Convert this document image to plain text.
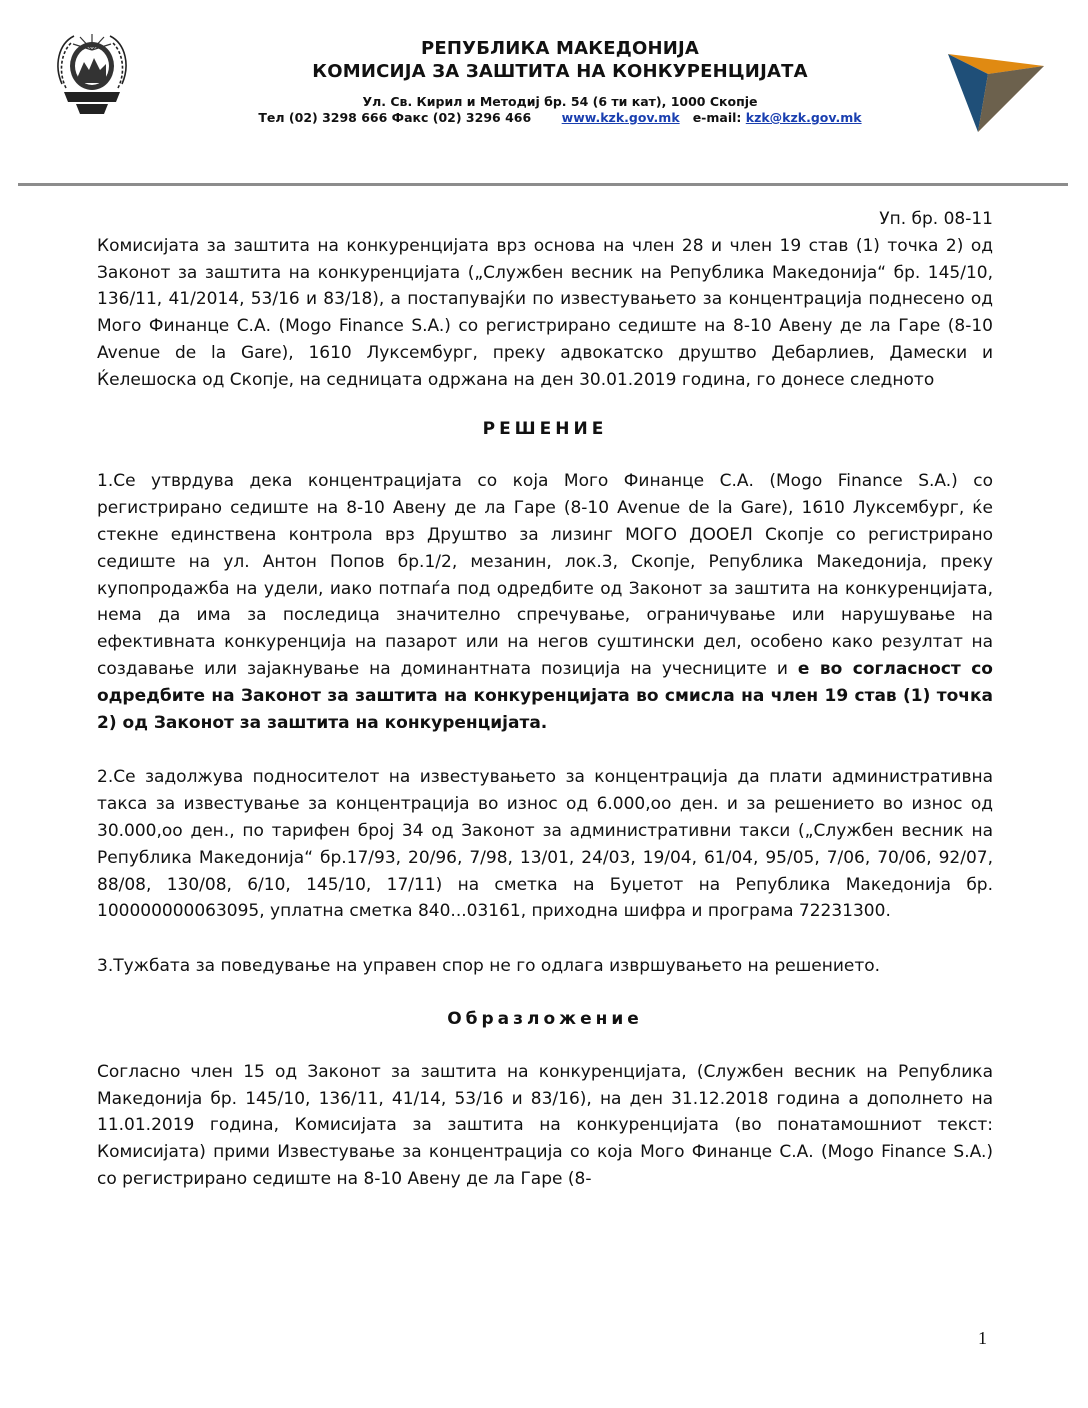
РЕПУБЛИКА МАКЕДОНИЈА
КОМИСИЈА ЗА ЗАШТИТА НА КОНКУРЕНЦИЈАТА
Ул. Св. Кирил и Методиј бр. 54 (6 ти кат), 1000 Скопје
Тел (02) 3298 666 Факс (02) 3296 466 www.kzk.gov.mk e-mail: kzk@kzk.gov.mk

Уп. бр. 08-11

Комисијата за заштита на конкуренцијата врз основа на член 28 и член 19 став (1) точка 2) од Законот за заштита на конкуренцијата („Службен весник на Република Македонија“ бр. 145/10, 136/11, 41/2014, 53/16 и 83/18), а постапувајќи по известувањето за концентрација поднесено од Мого Финанце С.А. (Mogo Finance S.A.) со регистрирано седиште на 8-10 Авену де ла Гаре (8-10 Avenue de la Gare), 1610 Луксембург, преку адвокатско друштво Дебарлиев, Дамески и Ќелешоска од Скопје, на седницата одржана на ден 30.01.2019 година, го донесе следното

РЕШЕНИЕ

1.Се утврдува дека концентрацијата со која Мого Финанце С.А. (Mogo Finance S.A.) со регистрирано седиште на 8-10 Авену де ла Гаре (8-10 Avenue de la Gare), 1610 Луксембург, ќе стекне единствена контрола врз Друштво за лизинг МОГО ДООЕЛ Скопје со регистрирано седиште на ул. Антон Попов бр.1/2, мезанин, лок.3, Скопје, Република Македонија, преку купопродажба на удели, иако потпаѓа под одредбите од Законот за заштита на конкуренцијата, нема да има за последица значително спречување, ограничување или нарушување на ефективната конкуренција на пазарот или на негов суштински дел, особено како резултат на создавање или зајакнување на доминантната позиција на учесниците и е во согласност со одредбите на Законот за заштита на конкуренцијата во смисла на член 19 став (1) точка 2) од Законот за заштита на конкуренцијата.

2.Се задолжува подносителот на известувањето за концентрација да плати административна такса за известување за концентрација во износ од 6.000,оо ден. и за решението во износ од 30.000,оо ден., по тарифен број 34 од Законот за административни такси („Службен весник на Република Македонија“ бр.17/93, 20/96, 7/98, 13/01, 24/03, 19/04, 61/04, 95/05, 7/06, 70/06, 92/07, 88/08, 130/08, 6/10, 145/10, 17/11) на сметка на Буџетот на Република Македонија бр. 100000000063095, уплатна сметка 840...03161, приходна шифра и програма 72231300.

3.Тужбата за поведување на управен спор не го одлага извршувањето на решението.

Образложение

Согласно член 15 од Законот за заштита на конкуренцијата, (Службен весник на Република Македонија бр. 145/10, 136/11, 41/14, 53/16 и 83/16), на ден 31.12.2018 година а дополнето на 11.01.2019 година, Комисијата за заштита на конкуренцијата (во понатамошниот текст: Комисијата) прими Известување за концентрација со која Мого Финанце С.А. (Mogo Finance S.A.) со регистрирано седиште на 8-10 Авену де ла Гаре (8-

1
